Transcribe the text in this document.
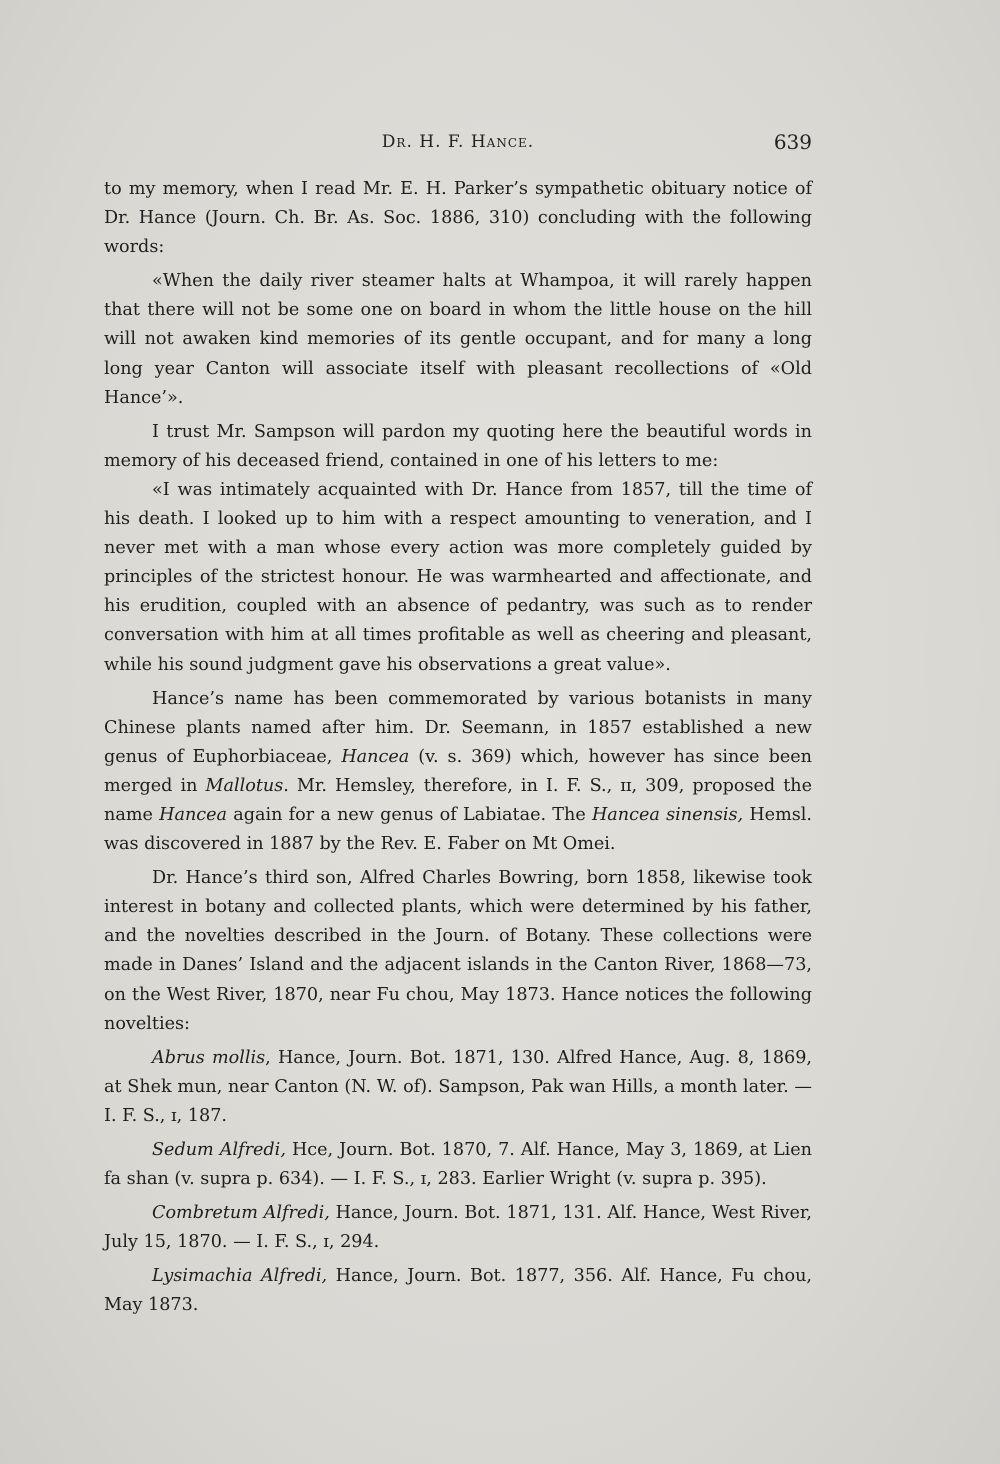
Dr. H. F. Hance.	639

to my memory, when I read Mr. E. H. Parker’s sympathetic obituary notice of Dr. Hance (Journ. Ch. Br. As. Soc. 1886, 310) concluding with the following words:

«When the daily river steamer halts at Whampoa, it will rarely happen that there will not be some one on board in whom the little house on the hill will not awaken kind memories of its gentle occupant, and for many a long long year Canton will associate itself with pleasant recollections of «Old Hance’».

I trust Mr. Sampson will pardon my quoting here the beautiful words in memory of his deceased friend, contained in one of his letters to me:

«I was intimately acquainted with Dr. Hance from 1857, till the time of his death. I looked up to him with a respect amounting to veneration, and I never met with a man whose every action was more completely guided by principles of the strictest honour. He was warmhearted and affectionate, and his erudition, coupled with an absence of pedantry, was such as to render conversation with him at all times profitable as well as cheering and pleasant, while his sound judgment gave his observations a great value».

Hance’s name has been commemorated by various botanists in many Chinese plants named after him. Dr. Seemann, in 1857 established a new genus of Euphorbiaceae, Hancea (v. s. 369) which, however has since been merged in Mallotus. Mr. Hemsley, therefore, in I. F. S., ɪɪ, 309, proposed the name Hancea again for a new genus of Labiatae. The Hancea sinensis, Hemsl. was discovered in 1887 by the Rev. E. Faber on Mt Omei.

Dr. Hance’s third son, Alfred Charles Bowring, born 1858, likewise took interest in botany and collected plants, which were determined by his father, and the novelties described in the Journ. of Botany. These collections were made in Danes’ Island and the adjacent islands in the Canton River, 1868—73, on the West River, 1870, near Fu chou, May 1873. Hance notices the following novelties:

Abrus mollis, Hance, Journ. Bot. 1871, 130. Alfred Hance, Aug. 8, 1869, at Shek mun, near Canton (N. W. of). Sampson, Pak wan Hills, a month later. — I. F. S., ɪ, 187.

Sedum Alfredi, Hce, Journ. Bot. 1870, 7. Alf. Hance, May 3, 1869, at Lien fa shan (v. supra p. 634). — I. F. S., ɪ, 283. Earlier Wright (v. supra p. 395).

Combretum Alfredi, Hance, Journ. Bot. 1871, 131. Alf. Hance, West River, July 15, 1870. — I. F. S., ɪ, 294.

Lysimachia Alfredi, Hance, Journ. Bot. 1877, 356. Alf. Hance, Fu chou, May 1873.
